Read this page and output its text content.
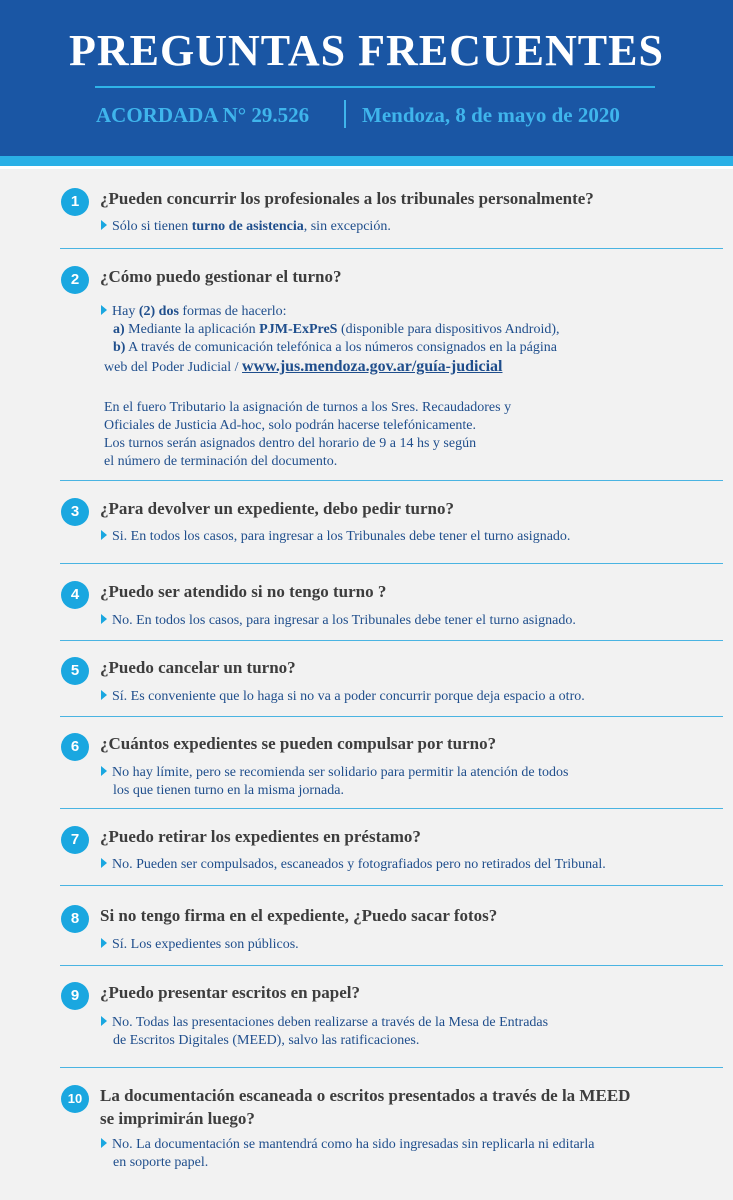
PREGUNTAS FRECUENTES
ACORDADA N° 29.526	Mendoza, 8 de mayo de 2020
1	¿Pueden concurrir los profesionales a los tribunales personalmente?
Sólo si tienen turno de asistencia, sin excepción.
2	¿Cómo puedo gestionar el turno?
Hay (2) dos formas de hacerlo:
a) Mediante la aplicación PJM-ExPreS (disponible para dispositivos Android),
b) A través de comunicación telefónica a los números consignados en la página
web del Poder Judicial / www.jus.mendoza.gov.ar/guía-judicial
En el fuero Tributario la asignación de turnos a los Sres. Recaudadores y
Oficiales de Justicia Ad-hoc, solo podrán hacerse telefónicamente.
Los turnos serán asignados dentro del horario de 9 a 14 hs y según
el número de terminación del documento.
3	¿Para devolver un expediente, debo pedir turno?
Si. En todos los casos, para ingresar a los Tribunales debe tener el turno asignado.
4	¿Puedo ser atendido si no tengo turno ?
No. En todos los casos, para ingresar a los Tribunales debe tener el turno asignado.
5	¿Puedo cancelar un turno?
Sí. Es conveniente que lo haga si no va a poder concurrir porque deja espacio a otro.
6	¿Cuántos expedientes se pueden compulsar por turno?
No hay límite, pero se recomienda ser solidario para permitir la atención de todos
los que tienen turno en la misma jornada.
7	¿Puedo retirar los expedientes en préstamo?
No. Pueden ser compulsados, escaneados y fotografiados pero no retirados del Tribunal.
8	Si no tengo firma en el expediente, ¿Puedo sacar fotos?
Sí. Los expedientes son públicos.
9	¿Puedo presentar escritos en papel?
No. Todas las presentaciones deben realizarse a través de la Mesa de Entradas
de Escritos Digitales (MEED), salvo las ratificaciones.
10	La documentación escaneada o escritos presentados a través de la MEED
se imprimirán luego?
No. La documentación se mantendrá como ha sido ingresadas sin replicarla ni editarla
en soporte papel.
